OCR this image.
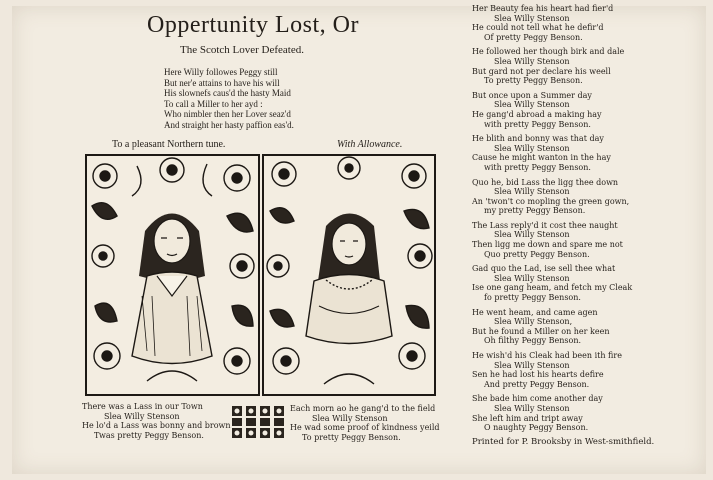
Oppertunity Lost, Or
The Scotch Lover Defeated.
Here Willy followes Peggy still
But ner'e attains to have his will
His slownefs caus'd the hasty Maid
To call a Miller to her ayd :
Who nimbler then her Lover seaz'd
And straight her hasty paffion eas'd.
To a pleasant Northern tune.	With Allowance.
There was a Lass in our Town
Slea Willy Stenson
He lo'd a Lass was bonny and brown
Twas pretty Peggy Benson.
Each morn ao he gang'd to the field
Slea Willy Stenson
He wad some proof of kindness yeild
To pretty Peggy Benson.
Her Beauty fea his heart had fier'd
Slea Willy Stenson
He could not tell what he defir'd
Of pretty Peggy Benson.
He followed her though birk and dale
Slea Willy Stenson
But gard not per declare his weell
To pretty Peggy Benson.
But once upon a Summer day
Slea Willy Stenson
He gang'd abroad a making hay
with pretty Peggy Benson.
He blith and bonny was that day
Slea Willy Stenson
Cause he might wanton in the hay
with pretty Peggy Benson.
Quo he, bid Lass the ligg thee down
Slea Willy Stenson
An 'twon't co mopling the green gown,
my pretty Peggy Benson.
The Lass reply'd it cost thee naught
Slea Willy Stenson
Then ligg me down and spare me not
Quo pretty Peggy Benson.
Gad quo the Lad, ise sell thee what
Slea Willy Stenson
Ise one gang heam, and fetch my Cleak
fo pretty Peggy Benson.
He went heam, and came agen
Slea Willy Stenson,
But he found a Miller on her keen
Oh filthy Peggy Benson.
He wish'd his Cleak had been ith fire
Slea Willy Stenson
Sen he had lost his hearts defire
And pretty Peggy Benson.
She bade him come another day
Slea Willy Stenson
She left him and tript away
O naughty Peggy Benson.
Printed for P. Brooksby in West-smithfield.
